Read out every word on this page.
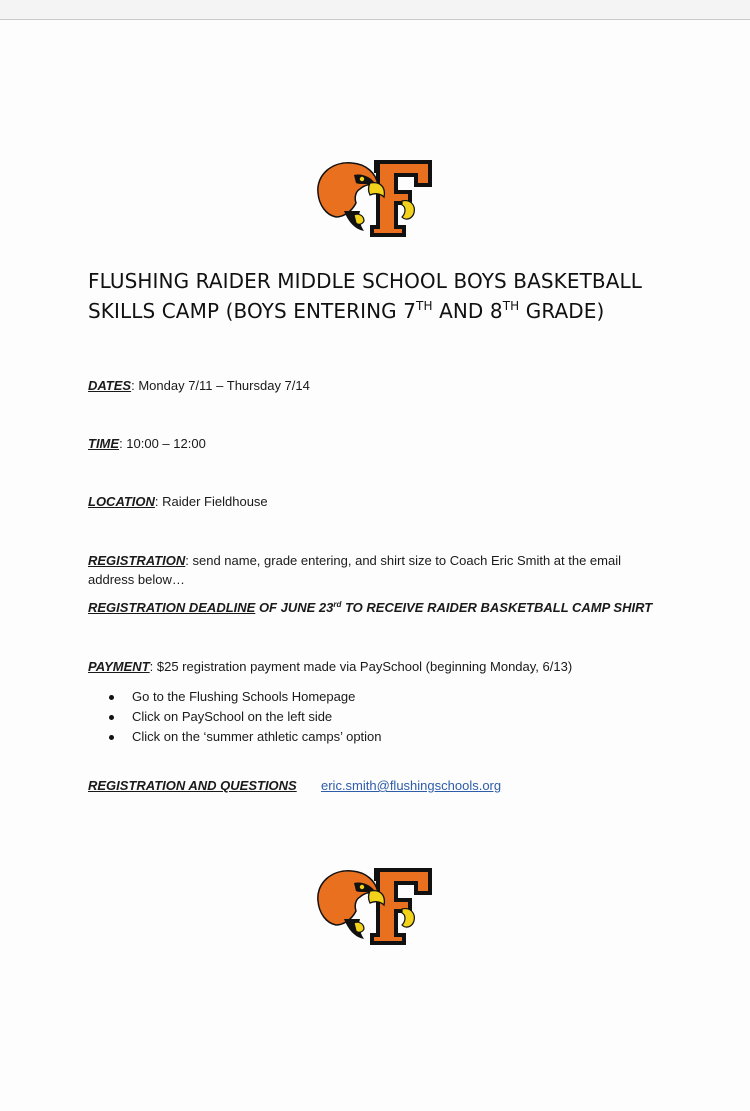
FLUSHING RAIDER MIDDLE SCHOOL BOYS BASKETBALL
SKILLS CAMP (BOYS ENTERING 7TH AND 8TH GRADE)
DATES: Monday 7/11 – Thursday 7/14
TIME: 10:00 – 12:00
LOCATION: Raider Fieldhouse
REGISTRATION: send name, grade entering, and shirt size to Coach Eric Smith at the email
address below…
REGISTRATION DEADLINE OF JUNE 23rd TO RECEIVE RAIDER BASKETBALL CAMP SHIRT
PAYMENT: $25 registration payment made via PaySchool (beginning Monday, 6/13)
Go to the Flushing Schools Homepage
Click on PaySchool on the left side
Click on the ‘summer athletic camps’ option
REGISTRATION AND QUESTIONS	eric.smith@flushingschools.org
